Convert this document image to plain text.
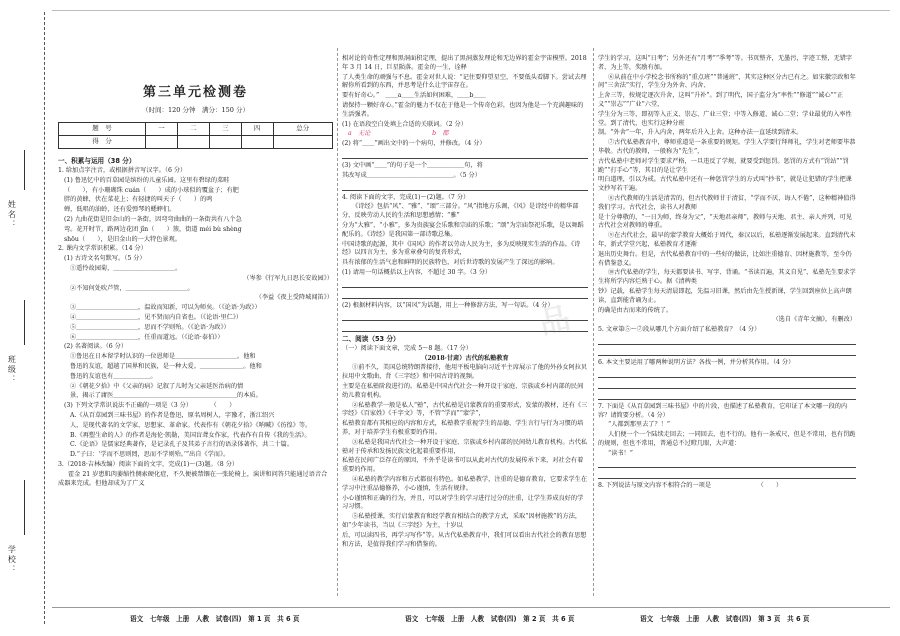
姓名：
班级：
学校：
第三单元检测卷
（时间：120 分钟　满分：150 分）
题　号	一	二	三	四	总分
得　分					
一、积累与运用（38 分）
1. 给加点字注音，或根据拼音写汉字。（6 分）
(1) 鲁迅忆中的百草园是缤纷的儿童乐园。这里有碧绿的菜畦
（　　），有小珊瑚珠 cuán（　　）成的小球似的覆盆子；有肥
胖的黄蜂，伏在菜花上；有轻捷的叫天子（　　）的鸣
蝉，低唱的油蛉，还有爱弹琴的蟋蟀们。
(2) 九曲花街是旧金山的一条街，因弯弯曲曲的一条街共有八个急
弯。花开时节，路两边花团 jǐn（　　）簇，街道 méi bù shèng
shōu（　　），是旧金山的一大特色景观。
2. 课内文学常识积累。（14 分）
(1) 古诗文名句默写。（5 分）
①遥怜故园菊，＿＿＿＿＿＿＿＿＿＿。
（岑参《行军九日思长安故园》）
②不知何处吹芦管，＿＿＿＿＿＿＿＿＿＿。
（李益《夜上受降城闻笛》）
③＿＿＿＿＿＿＿＿＿＿，温故而知新，可以为师矣。（《论语·为政》）
④＿＿＿＿＿＿＿＿＿＿，见不贤而内自省也。（《论语·里仁》）
⑤＿＿＿＿＿＿＿＿＿＿，思而不学则殆。（《论语·为政》）
⑥＿＿＿＿＿＿＿＿＿＿，任重而道远。（《论语·泰伯》）
(2) 名著阅读。（6 分）
①鲁迅在日本留学时认识的一位恩师是＿＿＿＿＿＿＿＿＿＿。他和
鲁迅的友谊，超越了国界和民族，是一种大爱。＿＿＿＿＿＿＿。他和
鲁迅的友谊也有＿＿＿＿＿＿。
②《朝花夕拾》中《父亲的病》记叙了儿时为父亲延医治病的情
景，揭示了庸医＿＿＿＿＿＿＿＿＿＿＿＿＿＿＿＿＿＿＿＿的本质。
(3) 下列文学常识说法不正确的一项是（3 分）　　　　（　　）
A.《从百草园到三味书屋》的作者是鲁迅，原名周树人，字豫才，浙江绍兴
人，是现代著名的文学家、思想家、革命家。代表作有《朝花夕拾》《呐喊》《彷徨》等。
B.《再塑生命的人》的作者是海伦·凯勒，美国盲聋女作家，代表作有自传《我的生活》。
C.《论语》是儒家经典著作，是记录孔子及其弟子言行的语录体著作，共二十篇。
D.“子曰：‘学而不思则罔，思而不学则殆。’”出自《学而》。
3.（2018·吉林改编）阅读下面的文字，完成(1)～(3)题。（8 分）
霍金 21 岁患肌肉萎缩性侧索硬化症，不久便被禁锢在一张轮椅上，演讲和问答只能通过语音合成器来完成。但他却成为了广义
相对论的奇性定理和黑洞面积定理，提出了黑洞蒸发理论和无边界的霍金宇宙模型。2018 年 3 月 14 日，巨星陨落。霍金的一生，诠释
了人类生命的顽强与不息。霍金对世人说：“记住要仰望星空，不要低头看脚下。尝试去理解你所看到的东西，并思考是什么让宇宙存在。
要有好奇心。”　＿＿a＿＿生活如何困难，＿＿b＿＿
请保持一颗好奇心。”霍金的魅力不仅在于他是一个传奇色彩，也因为他是一个充满趣味的生活强者。
(1) 在语段空白处填上合适的关联词。（2 分）
a　无论　　　　　　　　　　b　都
(2) 将“＿＿”画出文中的一个病句，并修改。（4 分）
(3) 文中画“＿＿”的句子是一个＿＿＿＿＿＿句，将
其改写成＿＿＿＿＿＿＿＿＿＿＿＿＿＿。（5 分）
4. 阅读下面的文字，完成(1)～(2)题。（7 分）
《诗经》包括“风”、“雅”、“颂”三部分。“风”指地方乐调，《风》是诗经中的精华部分，反映劳动人民的生活和思想感情；“雅”
分为“大雅”、“小雅”，多为贵族宴会乐歌和宗庙的乐歌；“颂”为宗庙祭祀乐歌，是以舞蹈配乐的。《诗经》是我国第一部诗歌总集。
中国诗歌的起源，其中《国风》的作者以劳动人民为主，多为反映现实生活的作品。《诗经》以四言为主，多为重章叠句的复沓形式，
具有浓郁的生活气息和鲜明的民族特色，对后世诗歌的发展产生了深远的影响。
(1) 请用一句话概括以上内容，不超过 30 字。（3 分）
(2) 根据材料内容，以“国风”为话题，用上一种修辞方法，写一句话。（4 分）
二、阅读（53 分）
（一）阅读下面文章，完成 5～8 题。（17 分）
（2018·甘肃）古代的私塾教育
①前不久，美国总统特朗普接待，他用平板电脑向习近平主席展示了他的外孙女阿拉贝拉用中文歌曲，背《三字经》和中国古诗的视频。
主要是在私塾阶段进行的。私塾是中国古代社会一种开设于家庭、宗族或乡村内部的民间幼儿教育机构。
②私塾教学一般是私人“塾”，古代私塾是启蒙教育的重要形式，发蒙的教材，还有《三字经》《百家姓》《千字文》等，不管“学而”“蒙学”，
私塾教育都有其相应的内容和方式，私塾教学重视学生的品德、学生言行与行为习惯的培养，对于培养学生有极重要的作用。
③私塾是我国古代社会一种开设于家庭、宗族或乡村内部的民间幼儿教育机构。古代私塾对于传承和发扬民族文化起着重要作用，
私塾在民间广泛存在的原因，不外乎是读书可以从此对古代的发展传承下来，对社会有着重要的作用。
④私塾的教学内容和方式都很有特色。如私塾教学，注重的是德育教育，它要求学生在学习中注重品德修养，小心谨慎，生活有规律。
小心谨慎和正确的行为，并且，可以对学生的学习进行过分的注重，让学生养成良好的学习习惯。
⑤私塾授课，实行启蒙教育和经学教育相结合的教学方式，采取“因材施教”的方法，如“少年读书，当以《三字经》为主，十岁以
后，可以读四书，再学习写作”等。从古代私塾教育中，我们可以看出古代社会的教育思想和方法，是值得我们学习和借鉴的。
学生的学习，这叫“日考”；另外还有“月考”“季考”等。书页整齐，无墨污，字迹工整，无错字者，为上等，奖励有加。
⑥从前在中小学校念书所称的“重点班”“普通班”，其实这种区分古已有之。如宋徽宗政和年间“三舍法”实行，学生分为外舍、内舍、
上舍三等，按规定逐次升舍，这叫“升补”。到了明代，国子监分为“率性”“修道”“诚心”“正义”“崇志”“广业”六堂，
学生分为三等，即初等入正义、崇志、广业三堂；中等入修道、诚心二堂；学业最优的入率性堂。到了清代，也实行这种分班
制。“外舍”一年，升入内舍，两年后升入上舍。这种办法一直延续到清末。
⑦古代私塾教育中，尊师重道是一条重要的规矩。学生入学要行拜师礼，学生对老师要毕恭毕敬。古代的教师，一般称为“先生”，
古代私塾中老师对学生要求严格，一旦违反了学规，就要受到惩罚。惩罚的方式有“罚站”“罚跪”“打手心”等，其目的是让学生
明白道理，引以为戒。古代私塾中还有一种惩罚学生的方式叫“抄书”，就是让犯错的学生把课文抄写若干遍。
⑧古代教师的生活是清苦的，但古代教师甘于清贫，“学而不厌，诲人不倦”，这种精神值得我们学习。古代社会，读书人对教师
是十分尊敬的，“一日为师，终身为父”，“天地君亲师”，教师与天地、君主、亲人并列，可见古代社会对教师的尊重。
⑨在古代社会，最早的蒙学教育大概始于周代，秦汉以后，私塾逐渐发展起来。直到清代末年，新式学堂兴起，私塾教育才逐渐
退出历史舞台。但是，古代私塾教育中的一些好的做法，比如注重德育、因材施教等，至今仍有借鉴意义。
⑩古代私塾的学生，每天都要读书、写字、背诵。“书读百遍，其义自见”，私塾先生要求学生将所学内容烂熟于心。据《清稗类
钞》记载，私塾学生每天清晨即起，先温习旧课，然后由先生授新课，学生回到座位上高声朗读，直到能背诵为止。
的确是由古而来的传统了。
（选自《青年文摘》，有删改）
5. 文章第⑤～⑦段从哪几个方面介绍了私塾教育？（4 分）
6. 本文主要运用了哪两种说明方法？各找一例，并分析其作用。（4 分）
7. 下面是《从百草园到三味书屋》中的片段，也描述了私塾教育，它印证了本文哪一段的内容？请简要分析。（4 分）
“人都到那里去了？！”
人们便一个一个陆续走回去；一同回去，也不行的。他有一条戒尺，但是不常用，也有罚跪的规则，但也不常用，普通总不过瞪几眼，大声道：
“读书！”
8. 下列说法与原文内容不相符合的一项是　　　　　　　　（　　）
品
语文　七年级　上册　人教　试卷(四)　第 1 页　共 6 页	语文　七年级　上册　人教　试卷(四)　第 2 页　共 6 页	语文　七年级　上册　人教　试卷(四)　第 3 页　共 6 页
